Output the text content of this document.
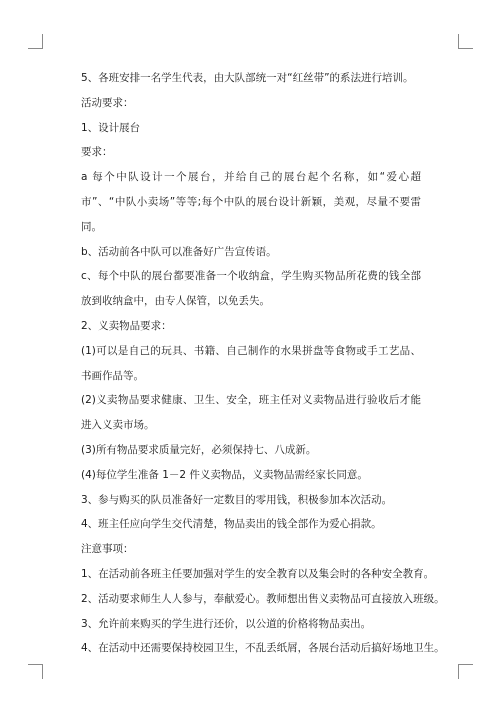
5、各班安排一名学生代表，由大队部统一对“红丝带”的系法进行培训。

活动要求：

1、设计展台

要求：

a 每个中队设计一个展台，并给自己的展台起个名称，如“爱心超市”、“中队小卖场”等等;每个中队的展台设计新颖，美观，尽量不要雷同。

b、活动前各中队可以准备好广告宣传语。

c、每个中队的展台都要准备一个收纳盒，学生购买物品所花费的钱全部放到收纳盒中，由专人保管，以免丢失。

2、义卖物品要求：

(1)可以是自己的玩具、书籍、自己制作的水果拼盘等食物或手工艺品、书画作品等。

(2)义卖物品要求健康、卫生、安全，班主任对义卖物品进行验收后才能进入义卖市场。

(3)所有物品要求质量完好，必须保持七、八成新。

(4)每位学生准备 1－2 件义卖物品，义卖物品需经家长同意。

3、参与购买的队员准备好一定数目的零用钱，积极参加本次活动。

4、班主任应向学生交代清楚，物品卖出的钱全部作为爱心捐款。

注意事项：

1、在活动前各班主任要加强对学生的安全教育以及集会时的各种安全教育。

2、活动要求师生人人参与，奉献爱心。教师想出售义卖物品可直接放入班级。

3、允许前来购买的学生进行还价，以公道的价格将物品卖出。

4、在活动中还需要保持校园卫生，不乱丢纸屑，各展台活动后搞好场地卫生。
